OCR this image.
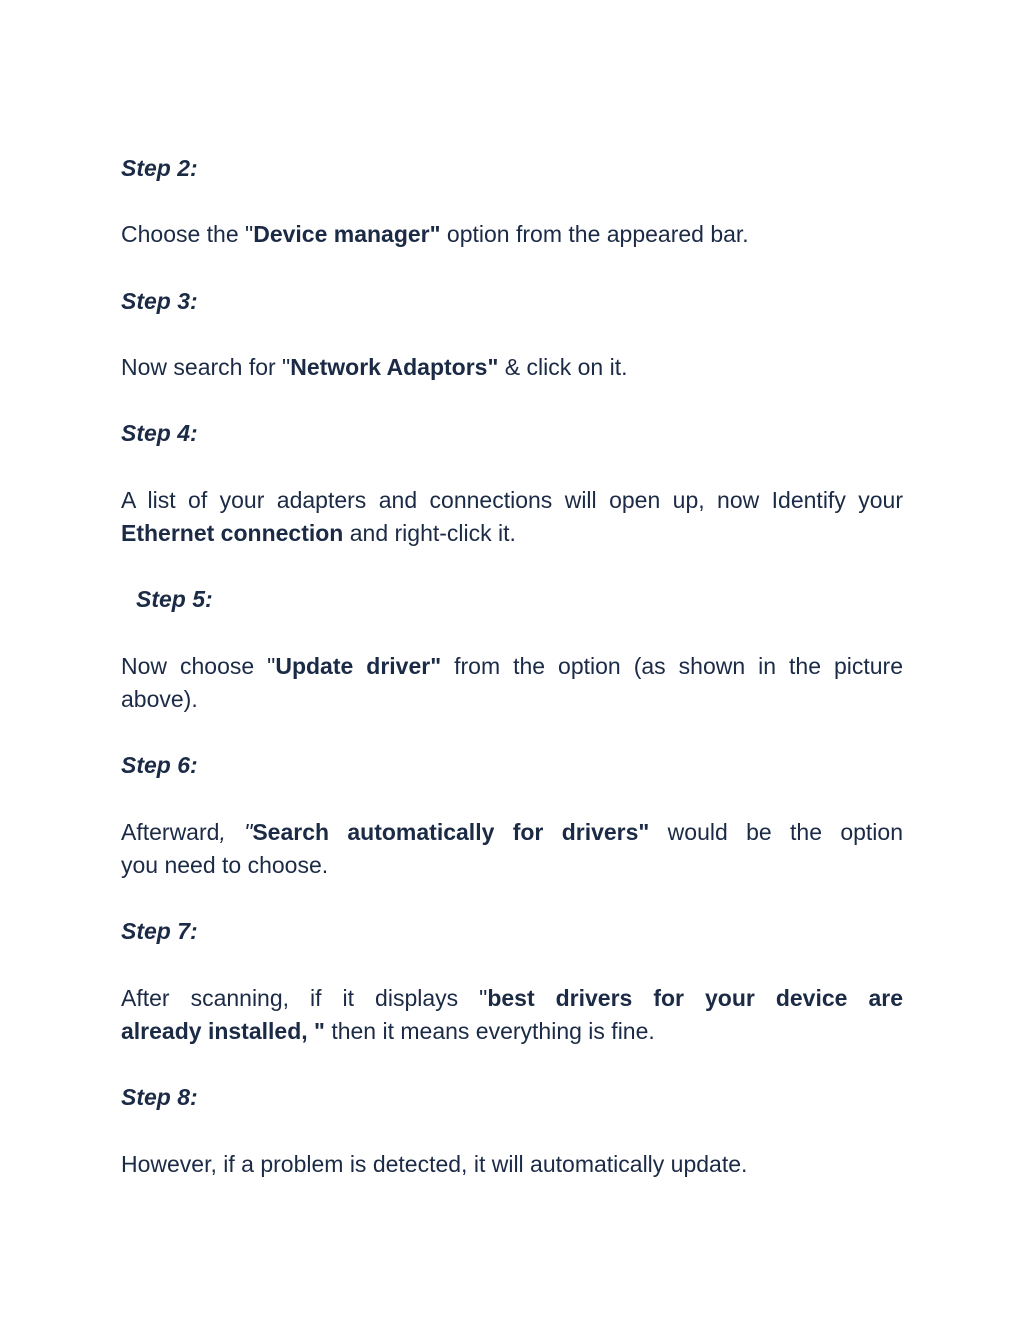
Step 2:
Choose the "Device manager" option from the appeared bar.
Step 3:
Now search for "Network Adaptors" & click on it.
Step 4:
A list of your adapters and connections will open up, now Identify your
Ethernet connection and right-click it.
Step 5:
Now choose "Update driver" from the option (as shown in the picture
above).
Step 6:
Afterward, "Search automatically for drivers" would be the option
you need to choose.
Step 7:
After scanning, if it displays "best drivers for your device are
already installed, " then it means everything is fine.
Step 8:
However, if a problem is detected, it will automatically update.
